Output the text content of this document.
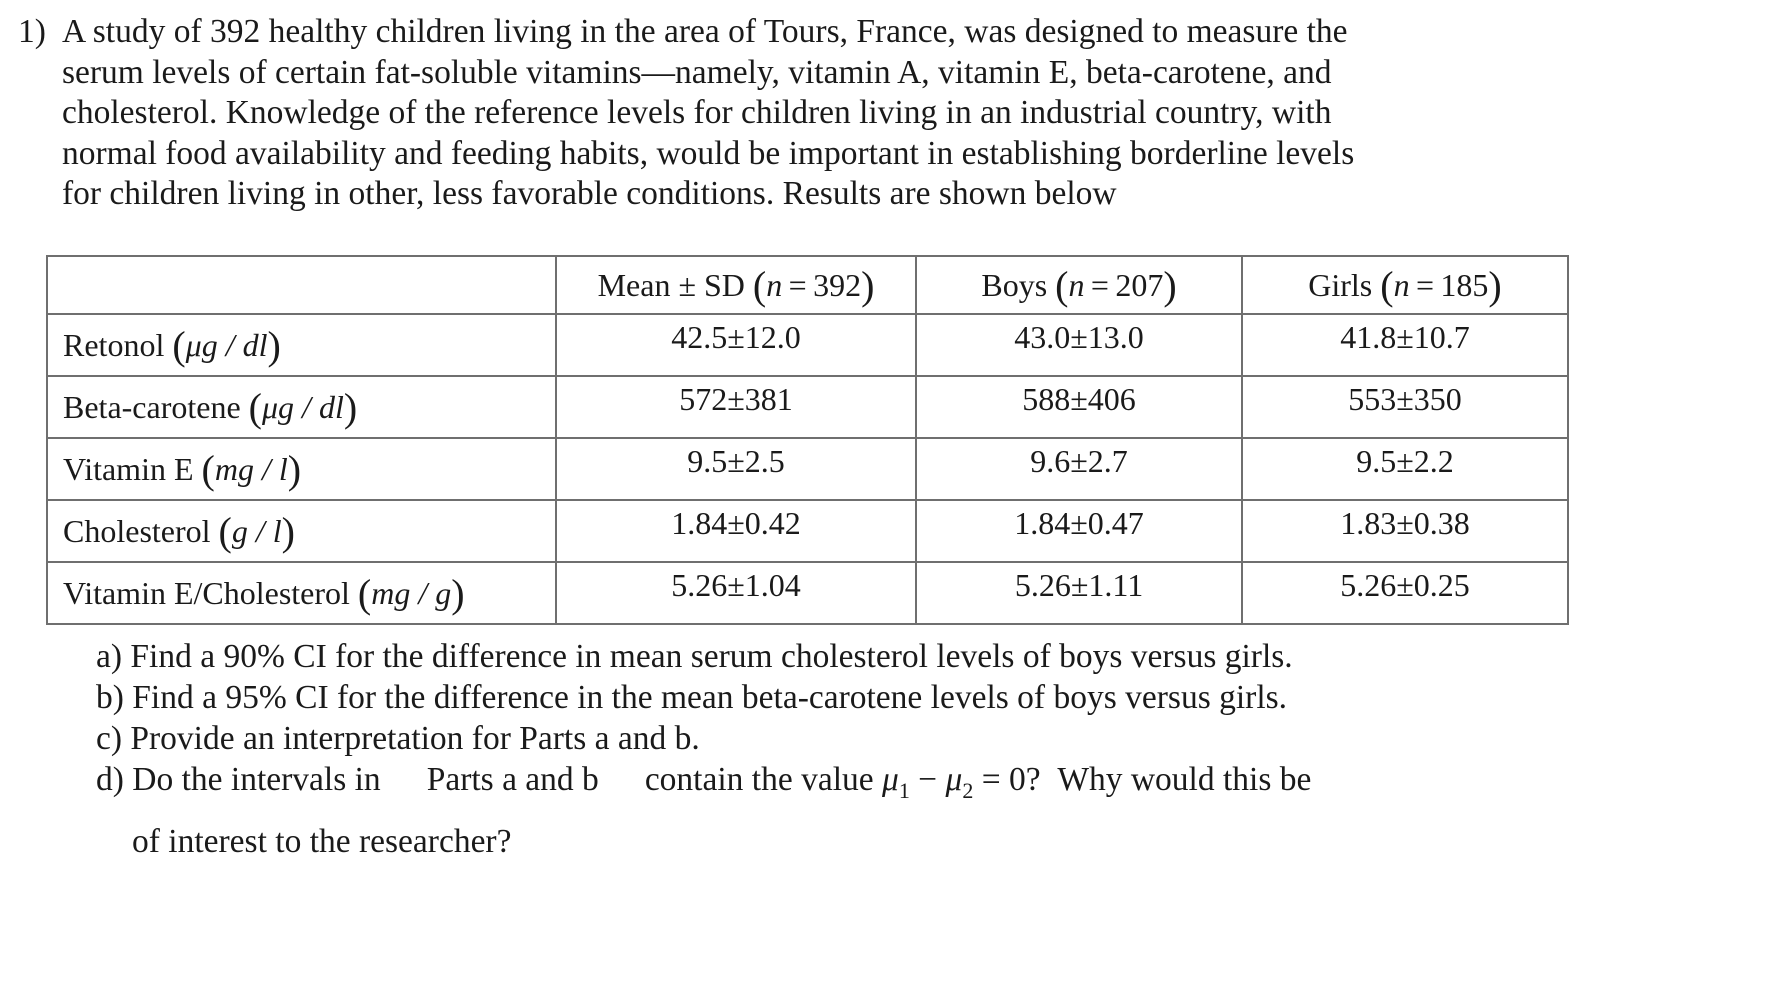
1) A study of 392 healthy children living in the area of Tours, France, was designed to measure the
serum levels of certain fat-soluble vitamins—namely, vitamin A, vitamin E, beta-carotene, and
cholesterol. Knowledge of the reference levels for children living in an industrial country, with
normal food availability and feeding habits, would be important in establishing borderline levels
for children living in other, less favorable conditions. Results are shown below
	Mean ± SD (n = 392)	Boys (n = 207)	Girls (n = 185)
Retonol (μg / dl)	42.5±12.0	43.0±13.0	41.8±10.7
Beta-carotene (μg / dl)	572±381	588±406	553±350
Vitamin E (mg / l)	9.5±2.5	9.6±2.7	9.5±2.2
Cholesterol (g / l)	1.84±0.42	1.84±0.47	1.83±0.38
Vitamin E/Cholesterol (mg / g)	5.26±1.04	5.26±1.11	5.26±0.25
a) Find a 90% CI for the difference in mean serum cholesterol levels of boys versus girls.
b) Find a 95% CI for the difference in the mean beta-carotene levels of boys versus girls.
c) Provide an interpretation for Parts a and b.
d) Do the intervals in Parts a and b contain the value $\mu_1 - \mu_2 = 0$? Why would this be
of interest to the researcher?
